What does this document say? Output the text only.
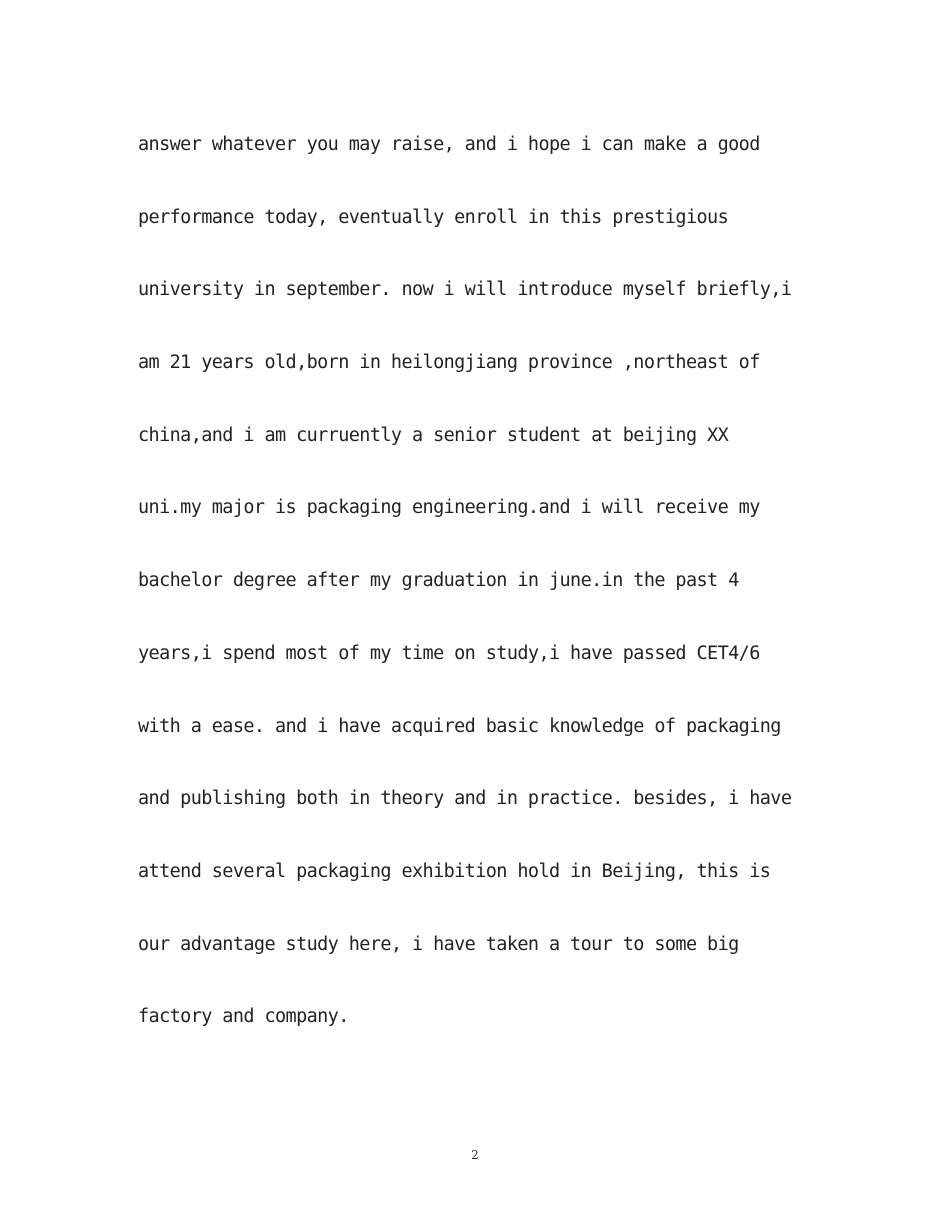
answer whatever you may raise, and i hope i can make a good
performance today, eventually enroll in this prestigious
university in september. now i will introduce myself briefly,i
am 21 years old,born in heilongjiang province ,northeast of
china,and i am curruently a senior student at beijing XX
uni.my major is packaging engineering.and i will receive my
bachelor degree after my graduation in june.in the past 4
years,i spend most of my time on study,i have passed CET4/6
with a ease. and i have acquired basic knowledge of packaging
and publishing both in theory and in practice. besides, i have
attend several packaging exhibition hold in Beijing, this is
our advantage study here, i have taken a tour to some big
factory and company.
2
